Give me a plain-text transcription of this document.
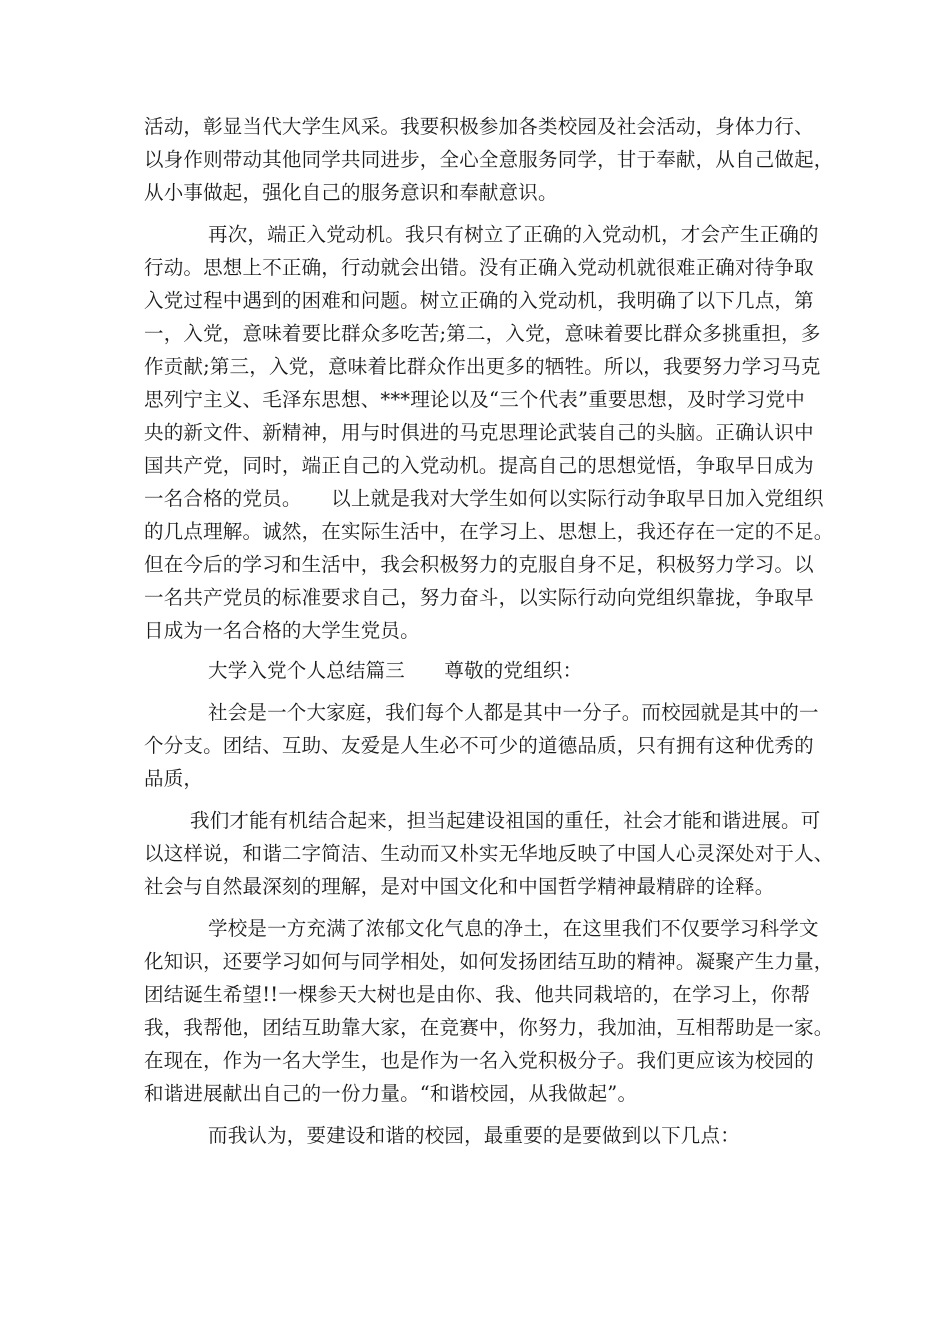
活动，彰显当代大学生风采。我要积极参加各类校园及社会活动，身体力行、
以身作则带动其他同学共同进步，全心全意服务同学，甘于奉献，从自己做起，
从小事做起，强化自己的服务意识和奉献意识。
再次，端正入党动机。我只有树立了正确的入党动机，才会产生正确的
行动。思想上不正确，行动就会出错。没有正确入党动机就很难正确对待争取
入党过程中遇到的困难和问题。树立正确的入党动机，我明确了以下几点，第
一，入党，意味着要比群众多吃苦;第二，入党，意味着要比群众多挑重担，多
作贡献;第三，入党，意味着比群众作出更多的牺牲。所以，我要努力学习马克
思列宁主义、毛泽东思想、***理论以及“三个代表”重要思想，及时学习党中
央的新文件、新精神，用与时俱进的马克思理论武装自己的头脑。正确认识中
国共产党，同时，端正自己的入党动机。提高自己的思想觉悟，争取早日成为
一名合格的党员。　　以上就是我对大学生如何以实际行动争取早日加入党组织
的几点理解。诚然，在实际生活中，在学习上、思想上，我还存在一定的不足。
但在今后的学习和生活中，我会积极努力的克服自身不足，积极努力学习。以
一名共产党员的标准要求自己，努力奋斗，以实际行动向党组织靠拢，争取早
日成为一名合格的大学生党员。
大学入党个人总结篇三　　尊敬的党组织：
社会是一个大家庭，我们每个人都是其中一分子。而校园就是其中的一
个分支。团结、互助、友爱是人生必不可少的道德品质，只有拥有这种优秀的
品质，
我们才能有机结合起来，担当起建设祖国的重任，社会才能和谐进展。可
以这样说，和谐二字简洁、生动而又朴实无华地反映了中国人心灵深处对于人、
社会与自然最深刻的理解，是对中国文化和中国哲学精神最精辟的诠释。
学校是一方充满了浓郁文化气息的净土，在这里我们不仅要学习科学文
化知识，还要学习如何与同学相处，如何发扬团结互助的精神。凝聚产生力量，
团结诞生希望!!一棵参天大树也是由你、我、他共同栽培的，在学习上，你帮
我，我帮他，团结互助靠大家，在竞赛中，你努力，我加油，互相帮助是一家。
在现在，作为一名大学生，也是作为一名入党积极分子。我们更应该为校园的
和谐进展献出自己的一份力量。“和谐校园，从我做起”。
而我认为，要建设和谐的校园，最重要的是要做到以下几点：
